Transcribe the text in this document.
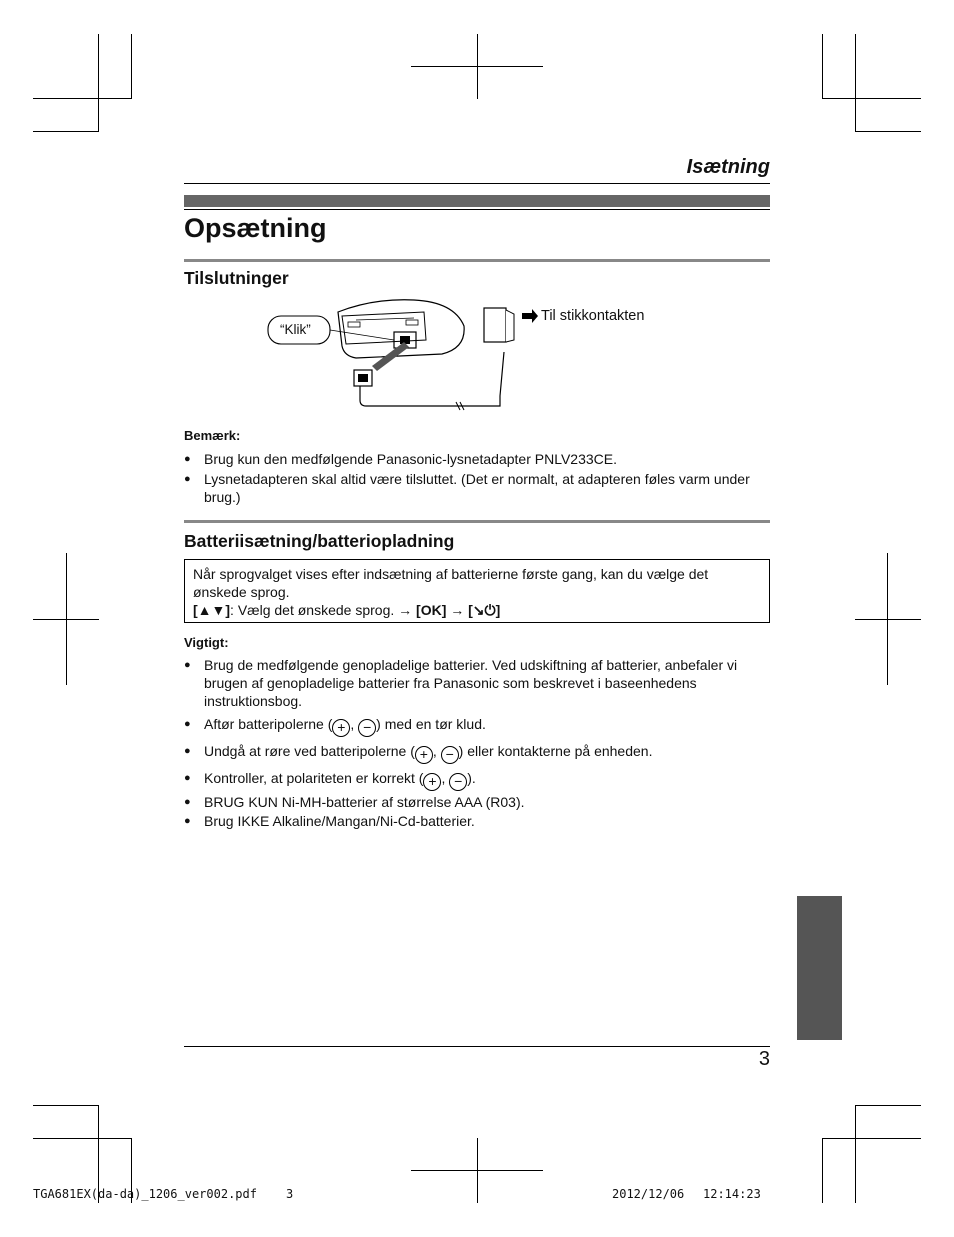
Isætning
Opsætning
Tilslutninger
“Klik”
Til stikkontakten
Bemærk:
● Brug kun den medfølgende Panasonic-lysnetadapter PNLV233CE.
● Lysnetadapteren skal altid være tilsluttet. (Det er normalt, at adapteren føles varm under brug.)
Batteriisætning/batteriopladning
Når sprogvalget vises efter indsætning af batterierne første gang, kan du vælge det ønskede sprog.
[▲▼]: Vælg det ønskede sprog. → [OK] → [↘⏻]
Vigtigt:
● Brug de medfølgende genopladelige batterier. Ved udskiftning af batterier, anbefaler vi brugen af genopladelige batterier fra Panasonic som beskrevet i baseenhedens instruktionsbog.
● Aftør batteripolerne ( + , − ) med en tør klud.
● Undgå at røre ved batteripolerne ( + , − ) eller kontakterne på enheden.
● Kontroller, at polariteten er korrekt ( + , − ).
● BRUG KUN Ni-MH-batterier af størrelse AAA (R03).
● Brug IKKE Alkaline/Mangan/Ni-Cd-batterier.
3
TGA681EX(da-da)_1206_ver002.pdf 3	2012/12/06 12:14:23
